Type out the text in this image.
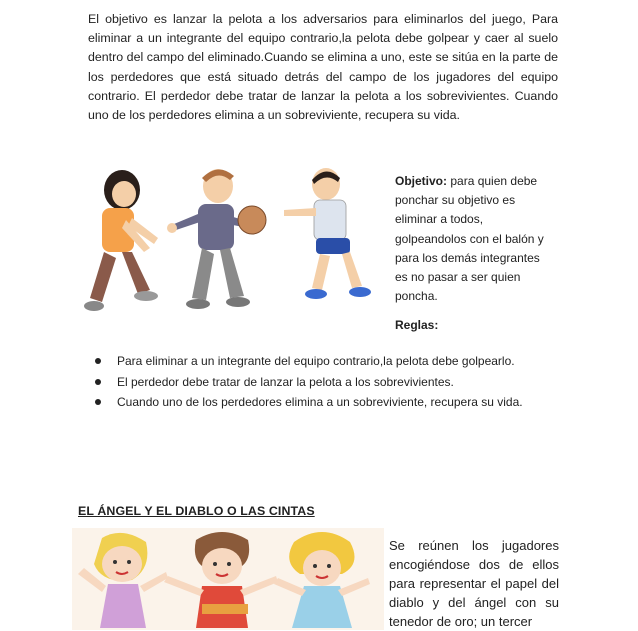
El objetivo es lanzar la pelota a los adversarios para eliminarlos del juego, Para eliminar a un integrante del equipo contrario,la pelota debe golpear y caer al suelo dentro del campo del eliminado.Cuando se elimina a uno, este se sitúa en la parte de los perdedores que está situado detrás del campo de los jugadores del equipo contrario. El perdedor debe tratar de lanzar la pelota a los sobrevivientes. Cuando uno de los perdedores elimina a un sobreviviente, recupera su vida.

Objetivo: para quien debe ponchar su objetivo es eliminar a todos, golpeandolos con el balón y para los demás integrantes es no pasar a ser quien poncha.

Reglas:

Para eliminar a un integrante del equipo contrario,la pelota debe golpearlo.
El perdedor debe tratar de lanzar la pelota a los sobrevivientes.
Cuando uno de los perdedores elimina a un sobreviviente, recupera su vida.

EL ÁNGEL Y EL DIABLO O LAS CINTAS

Se reúnen los jugadores encogiéndose dos de ellos para representar el papel del diablo y del ángel con su tenedor de oro; un tercer
